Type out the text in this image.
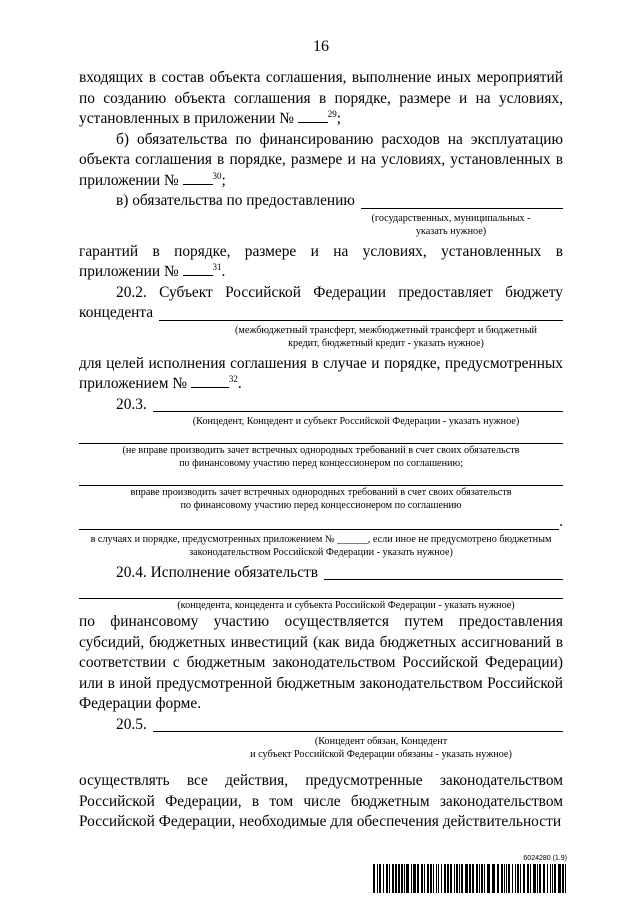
16
входящих в состав объекта соглашения, выполнение иных мероприятий по созданию объекта соглашения в порядке, размере и на условиях, установленных в приложении №	$^{29}$;
б) обязательства по финансированию расходов на эксплуатацию объекта соглашения в порядке, размере и на условиях, установленных в приложении №	$^{30}$;
в) обязательства по предоставлению
(государственных, муниципальных -
указать нужное)
гарантий в порядке, размере и на условиях, установленных в приложении №	$^{31}$.
20.2. Субъект Российской Федерации предоставляет бюджету
концедента
(межбюджетный трансферт, межбюджетный трансферт и бюджетный
кредит, бюджетный кредит - указать нужное)
для целей исполнения соглашения в случае и порядке, предусмотренных приложением №	$^{32}$.
20.3.
(Концедент, Концедент и субъект Российской Федерации - указать нужное)
(не вправе производить зачет встречных однородных требований в счет своих обязательств
по финансовому участию перед концессионером по соглашению;
вправе производить зачет встречных однородных требований в счет своих обязательств
по финансовому участию перед концессионером по соглашению
.
в случаях и порядке, предусмотренных приложением № ______, если иное не предусмотрено бюджетным
законодательством Российской Федерации - указать нужное)
20.4. Исполнение обязательств
(концедента, концедента и субъекта Российской Федерации - указать нужное)
по финансовому участию осуществляется путем предоставления субсидий, бюджетных инвестиций (как вида бюджетных ассигнований в соответствии с бюджетным законодательством Российской Федерации) или в иной предусмотренной бюджетным законодательством Российской Федерации форме.
20.5.
(Концедент обязан, Концедент
и субъект Российской Федерации обязаны - указать нужное)
осуществлять все действия, предусмотренные законодательством Российской Федерации, в том числе бюджетным законодательством Российской Федерации, необходимые для обеспечения действительности
6024280 (1.9)
